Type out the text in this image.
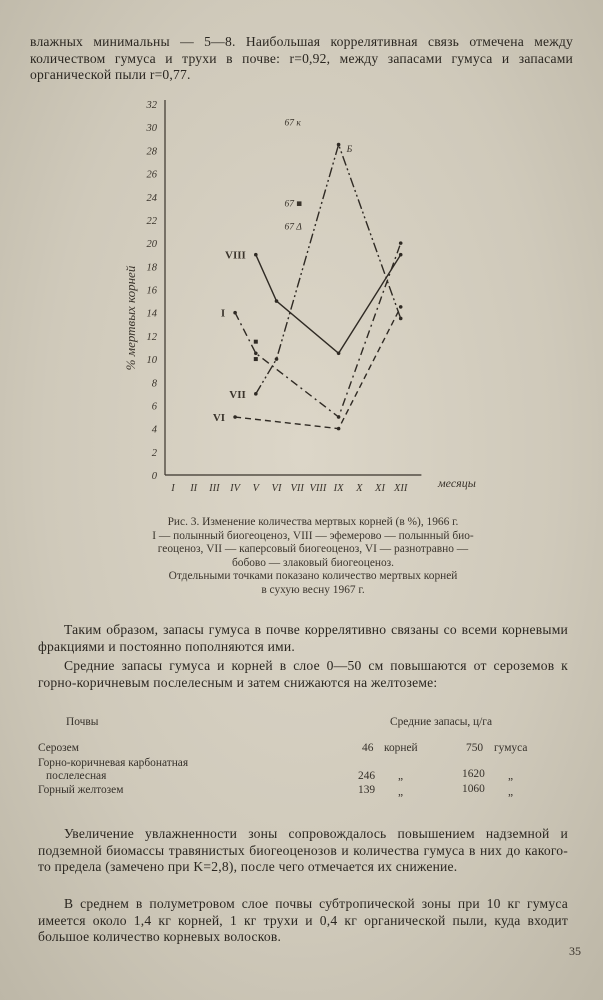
влажных минимальны — 5—8. Наибольшая коррелятивная связь отмечена между количеством гумуса и трухи в почве: r=0,92, между запасами гумуса и запасами органической пыли r=0,77.
0
2
4
6
8
10
12
14
16
18
20
22
24
26
28
30
32
I II III IV V VI VII VIII IX X XI XII
I
VIII
VII
VI
67 к
67 ■
67 Δ
Б
% мертвых корней
месяцы
Рис. 3. Изменение количества мертвых корней (в %), 1966 г.
I — полынный биогеоценоз, VIII — эфемерово — полынный био-
геоценоз, VII — каперсовый биогеоценоз, VI — разнотравно —
бобово — злаковый биогеоценоз.
Отдельными точками показано количество мертвых корней
в сухую весну 1967 г.
Таким образом, запасы гумуса в почве коррелятивно связаны со всеми корневыми фракциями и постоянно пополняются ими.
Средние запасы гумуса и корней в слое 0—50 см повышаются от сероземов к горно-коричневым послелесным и затем снижаются на желтоземе:
Почвы	Средние запасы, ц/га
Серозем	46 корней	750 гумуса
Горно-коричневая карбонатная
послелесная	246 „	1620 „
Горный желтозем	139 „	1060 „
Увеличение увлажненности зоны сопровождалось повышением надземной и подземной биомассы травянистых биогеоценозов и количества гумуса в них до какого-то предела (замечено при K=2,8), после чего отмечается их снижение.
В среднем в полуметровом слое почвы субтропической зоны при 10 кг гумуса имеется около 1,4 кг корней, 1 кг трухи и 0,4 кг органической пыли, куда входит большое количество корневых волосков.
35
